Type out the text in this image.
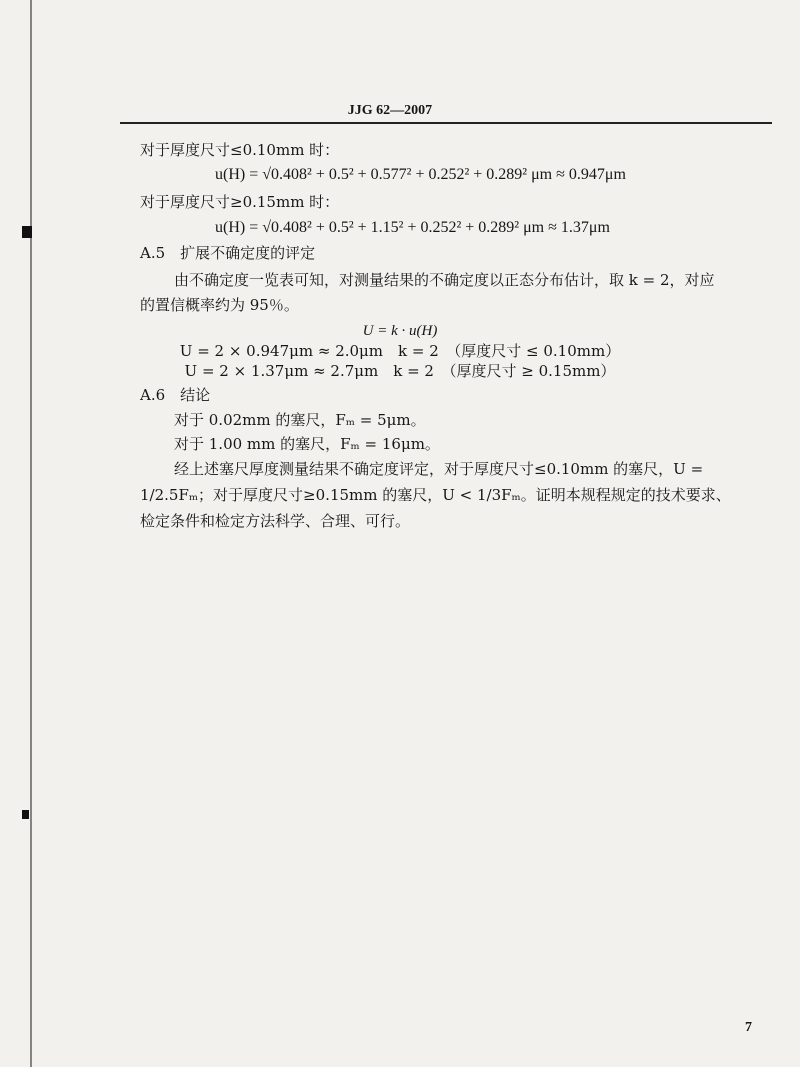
JJG 62—2007
对于厚度尺寸≤0.10mm 时：
u(H) = √0.408² + 0.5² + 0.577² + 0.252² + 0.289² μm ≈ 0.947μm
对于厚度尺寸≥0.15mm 时：
u(H) = √0.408² + 0.5² + 1.15² + 0.252² + 0.289² μm ≈ 1.37μm
A.5　扩展不确定度的评定
由不确定度一览表可知，对测量结果的不确定度以正态分布估计，取 k = 2，对应
的置信概率约为 95％。
U = k · u(H)
U = 2 × 0.947μm ≈ 2.0μm　k = 2　（厚度尺寸 ≤ 0.10mm）
U = 2 × 1.37μm ≈ 2.7μm　k = 2　（厚度尺寸 ≥ 0.15mm）
A.6　结论
对于 0.02mm 的塞尺，Fₘ = 5μm。
对于 1.00 mm 的塞尺，Fₘ = 16μm。
经上述塞尺厚度测量结果不确定度评定，对于厚度尺寸≤0.10mm 的塞尺，U =
1/2.5Fₘ；对于厚度尺寸≥0.15mm 的塞尺，U < 1/3Fₘ。证明本规程规定的技术要求、
检定条件和检定方法科学、合理、可行。
7
